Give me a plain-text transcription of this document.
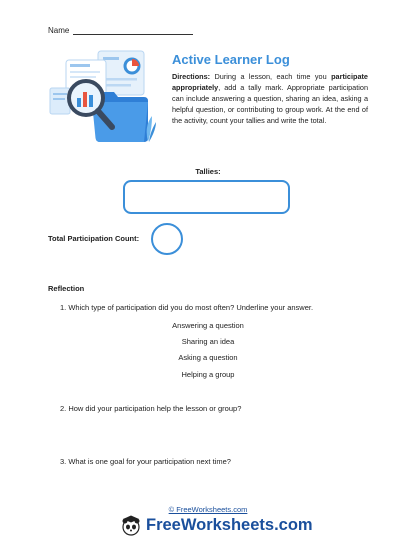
Name
Active Learner Log
Directions: During a lesson, each time you participate appropriately, add a tally mark. Appropriate participation can include answering a question, sharing an idea, asking a helpful question, or contributing to group work. At the end of the activity, count your tallies and write the total.
Tallies:
Total Participation Count:
Reflection
1. Which type of participation did you do most often? Underline your answer.
Answering a question
Sharing an idea
Asking a question
Helping a group
2. How did your participation help the lesson or group?
3. What is one goal for your participation next time?
© FreeWorksheets.com
FreeWorksheets.com
